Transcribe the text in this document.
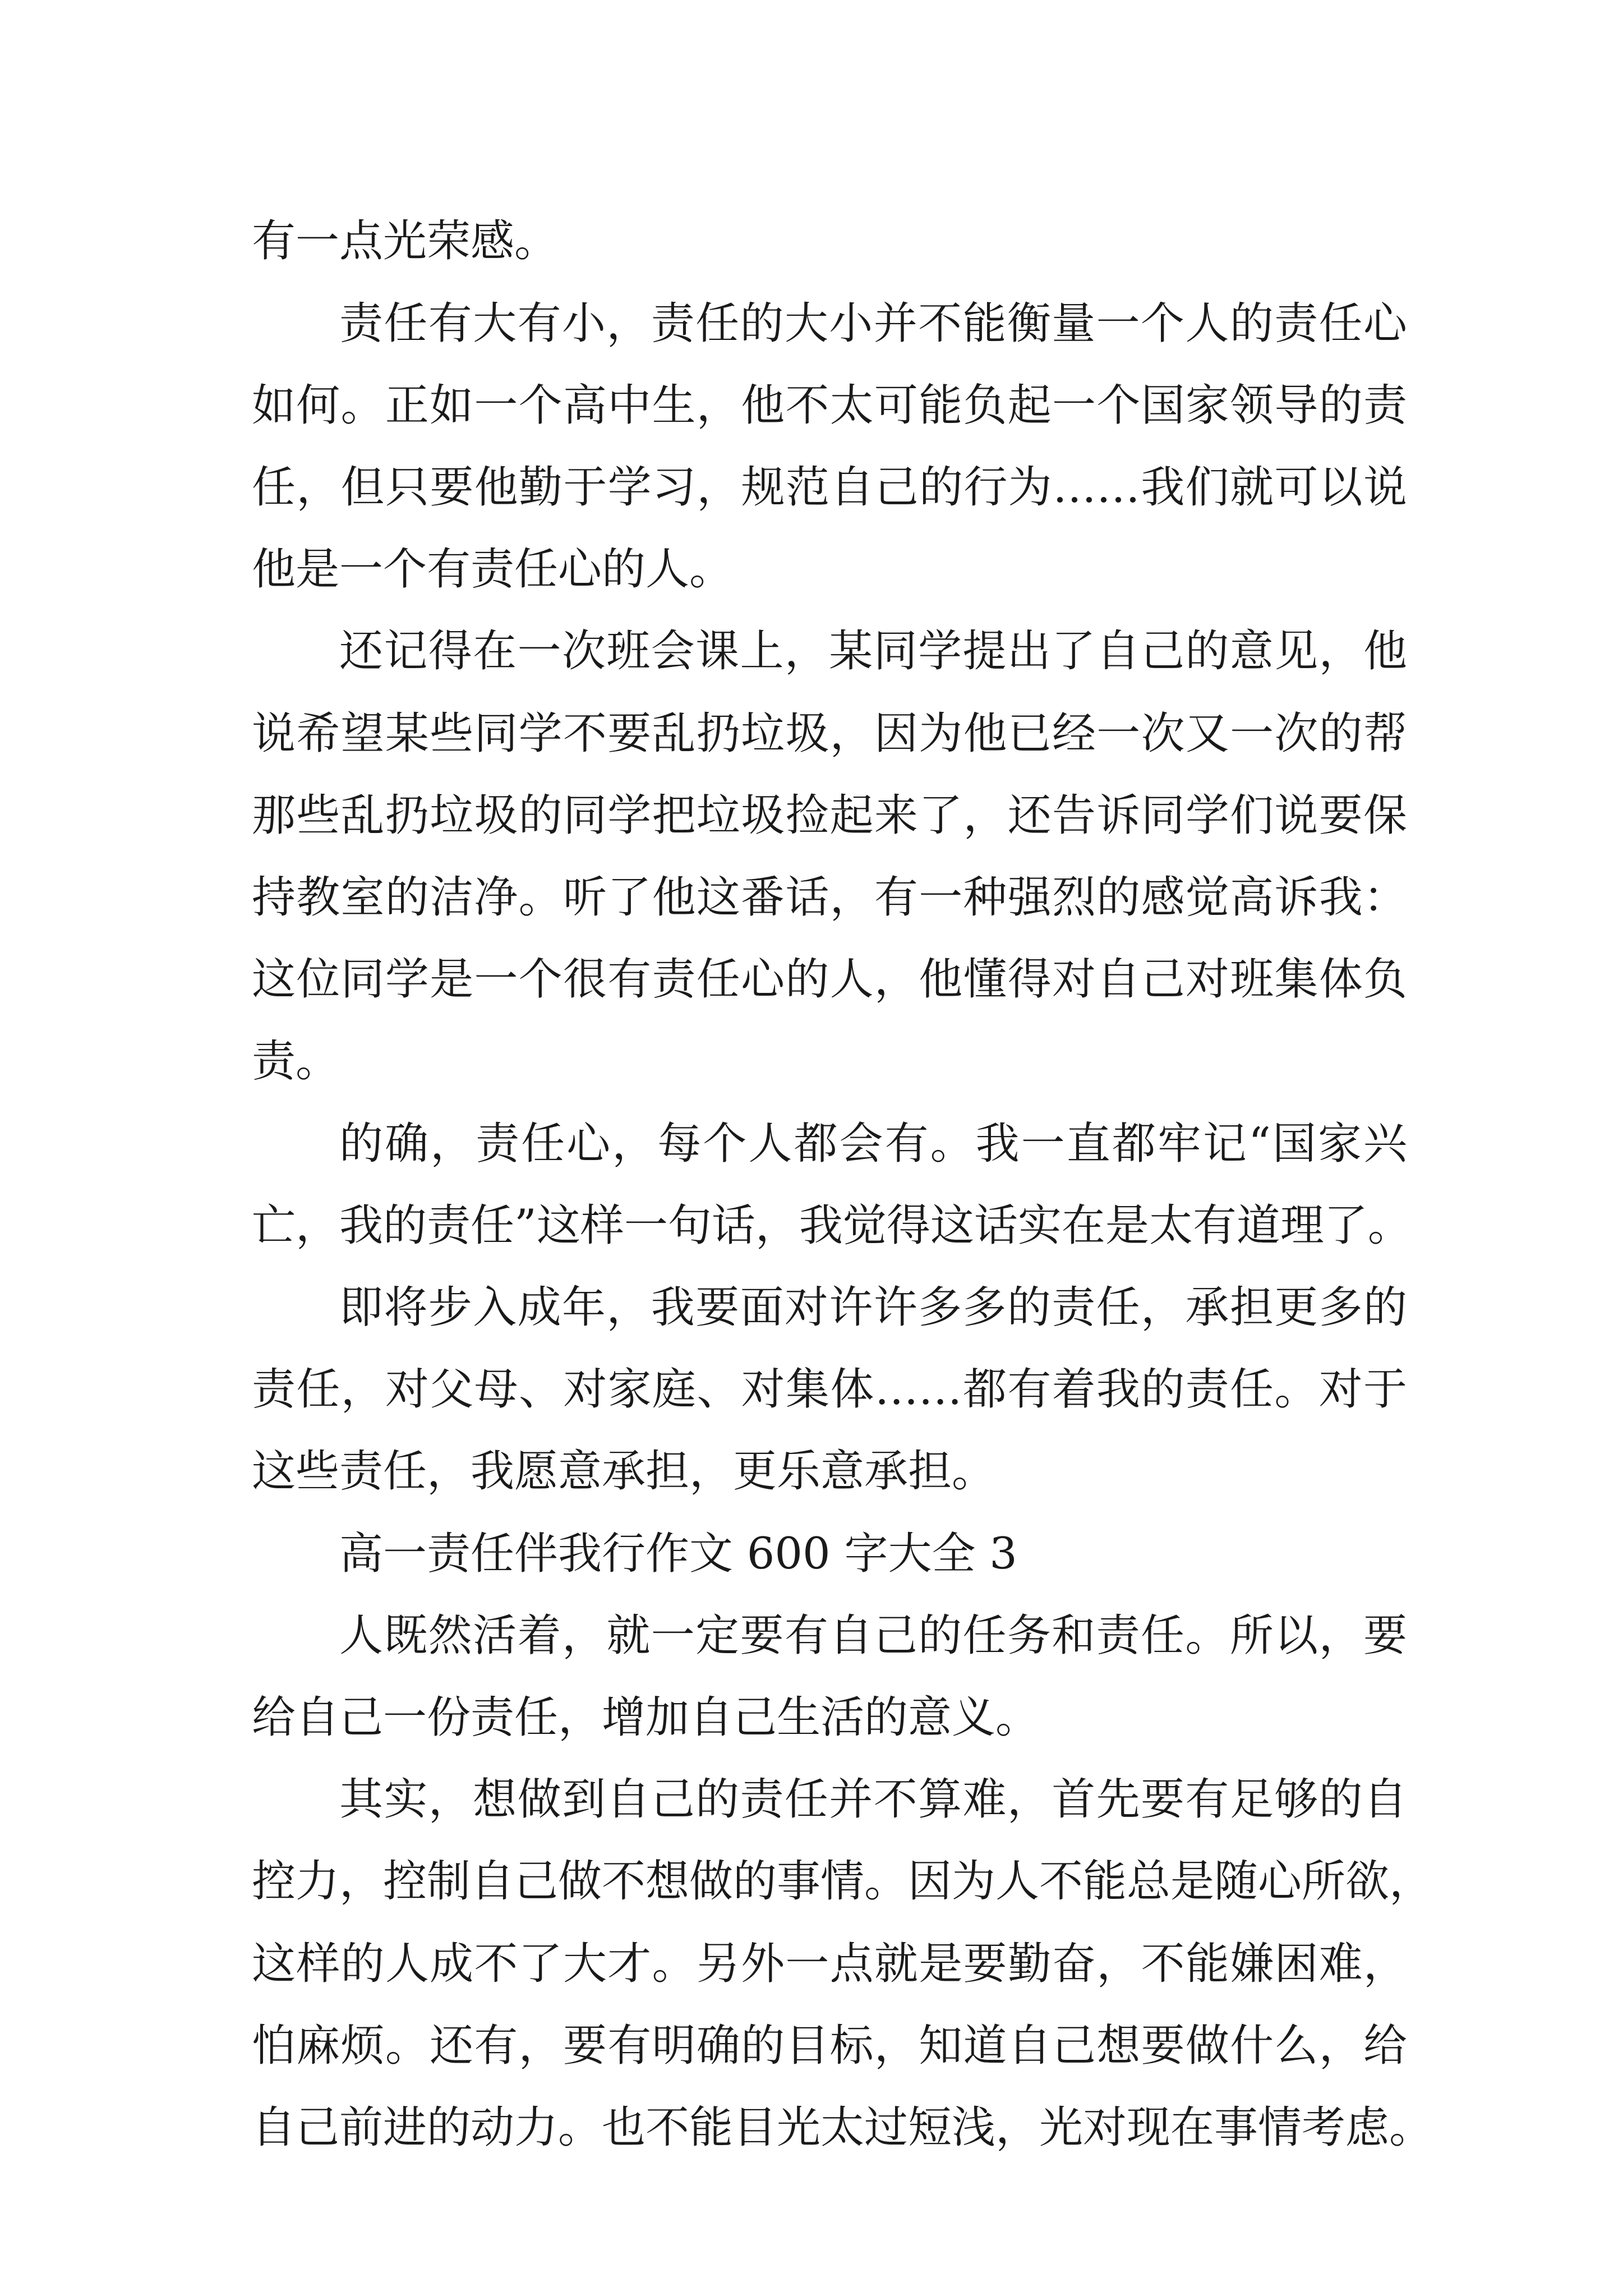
有一点光荣感。
责任有大有小，责任的大小并不能衡量一个人的责任心
如何。正如一个高中生，他不太可能负起一个国家领导的责
任，但只要他勤于学习，规范自己的行为……我们就可以说
他是一个有责任心的人。
还记得在一次班会课上，某同学提出了自己的意见，他
说希望某些同学不要乱扔垃圾，因为他已经一次又一次的帮
那些乱扔垃圾的同学把垃圾捡起来了，还告诉同学们说要保
持教室的洁净。听了他这番话，有一种强烈的感觉高诉我：
这位同学是一个很有责任心的人，他懂得对自己对班集体负
责。
的确，责任心，每个人都会有。我一直都牢记“国家兴
亡，我的责任”这样一句话，我觉得这话实在是太有道理了。
即将步入成年，我要面对许许多多的责任，承担更多的
责任，对父母、对家庭、对集体……都有着我的责任。对于
这些责任，我愿意承担，更乐意承担。
高一责任伴我行作文 600 字大全 3
人既然活着，就一定要有自己的任务和责任。所以，要
给自己一份责任，增加自己生活的意义。
其实，想做到自己的责任并不算难，首先要有足够的自
控力，控制自己做不想做的事情。因为人不能总是随心所欲，
这样的人成不了大才。另外一点就是要勤奋，不能嫌困难，
怕麻烦。还有，要有明确的目标，知道自己想要做什么，给
自己前进的动力。也不能目光太过短浅，光对现在事情考虑。
